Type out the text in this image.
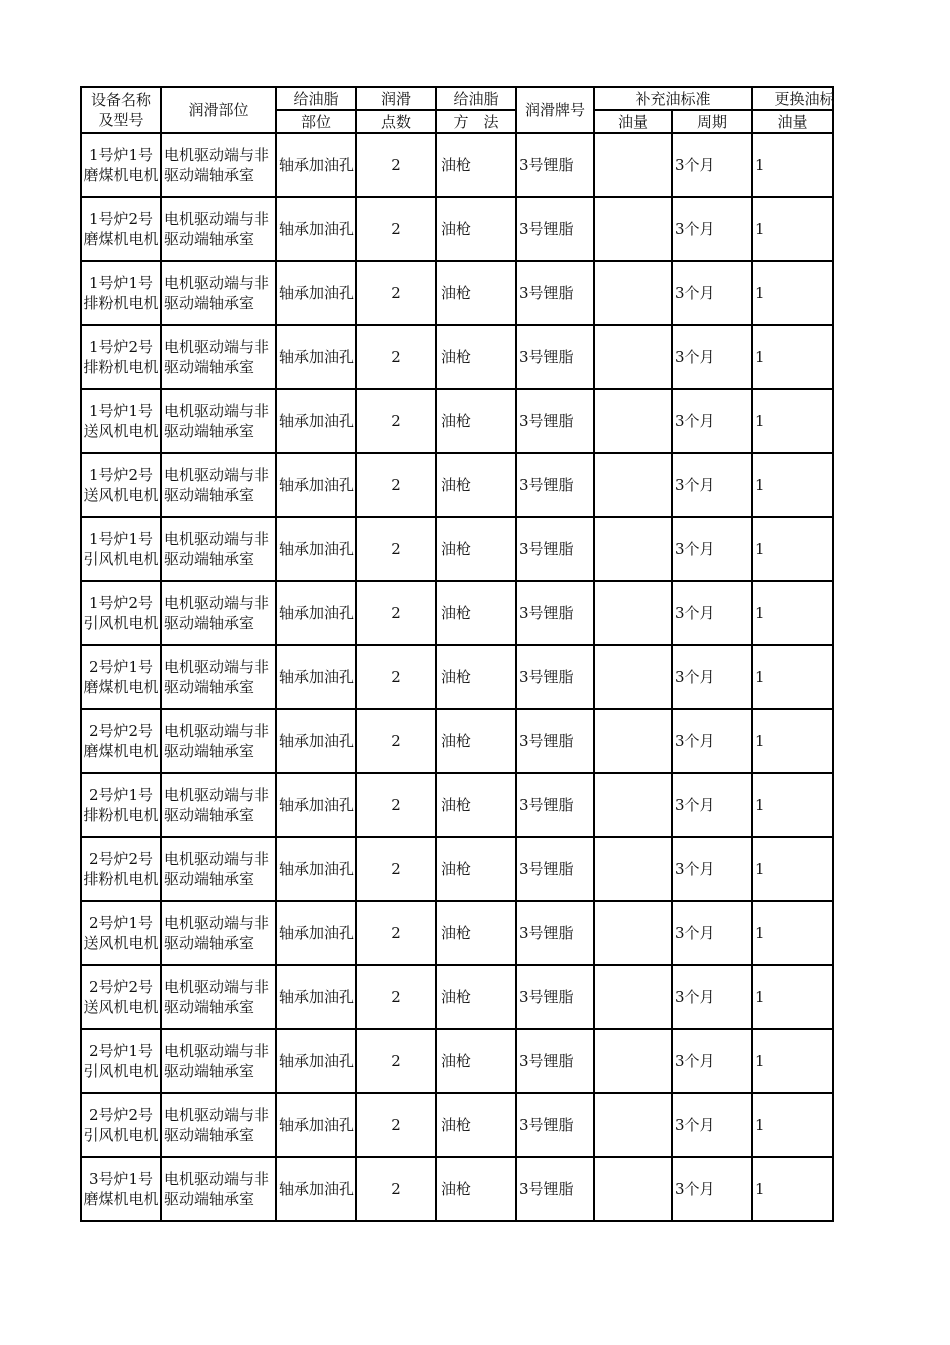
设备名称
及型号	润滑部位	给油脂	润滑	给油脂	润滑牌号	补充油标准		更换油标
		部位	点数	方　法		油量	周期	油量
1号炉1号磨煤机电机	电机驱动端与非驱动端轴承室	轴承加油孔	2	油枪	3号锂脂		3个月	1
1号炉2号磨煤机电机	电机驱动端与非驱动端轴承室	轴承加油孔	2	油枪	3号锂脂		3个月	1
1号炉1号排粉机电机	电机驱动端与非驱动端轴承室	轴承加油孔	2	油枪	3号锂脂		3个月	1
1号炉2号排粉机电机	电机驱动端与非驱动端轴承室	轴承加油孔	2	油枪	3号锂脂		3个月	1
1号炉1号送风机电机	电机驱动端与非驱动端轴承室	轴承加油孔	2	油枪	3号锂脂		3个月	1
1号炉2号送风机电机	电机驱动端与非驱动端轴承室	轴承加油孔	2	油枪	3号锂脂		3个月	1
1号炉1号引风机电机	电机驱动端与非驱动端轴承室	轴承加油孔	2	油枪	3号锂脂		3个月	1
1号炉2号引风机电机	电机驱动端与非驱动端轴承室	轴承加油孔	2	油枪	3号锂脂		3个月	1
2号炉1号磨煤机电机	电机驱动端与非驱动端轴承室	轴承加油孔	2	油枪	3号锂脂		3个月	1
2号炉2号磨煤机电机	电机驱动端与非驱动端轴承室	轴承加油孔	2	油枪	3号锂脂		3个月	1
2号炉1号排粉机电机	电机驱动端与非驱动端轴承室	轴承加油孔	2	油枪	3号锂脂		3个月	1
2号炉2号排粉机电机	电机驱动端与非驱动端轴承室	轴承加油孔	2	油枪	3号锂脂		3个月	1
2号炉1号送风机电机	电机驱动端与非驱动端轴承室	轴承加油孔	2	油枪	3号锂脂		3个月	1
2号炉2号送风机电机	电机驱动端与非驱动端轴承室	轴承加油孔	2	油枪	3号锂脂		3个月	1
2号炉1号引风机电机	电机驱动端与非驱动端轴承室	轴承加油孔	2	油枪	3号锂脂		3个月	1
2号炉2号引风机电机	电机驱动端与非驱动端轴承室	轴承加油孔	2	油枪	3号锂脂		3个月	1
3号炉1号磨煤机电机	电机驱动端与非驱动端轴承室	轴承加油孔	2	油枪	3号锂脂		3个月	1
